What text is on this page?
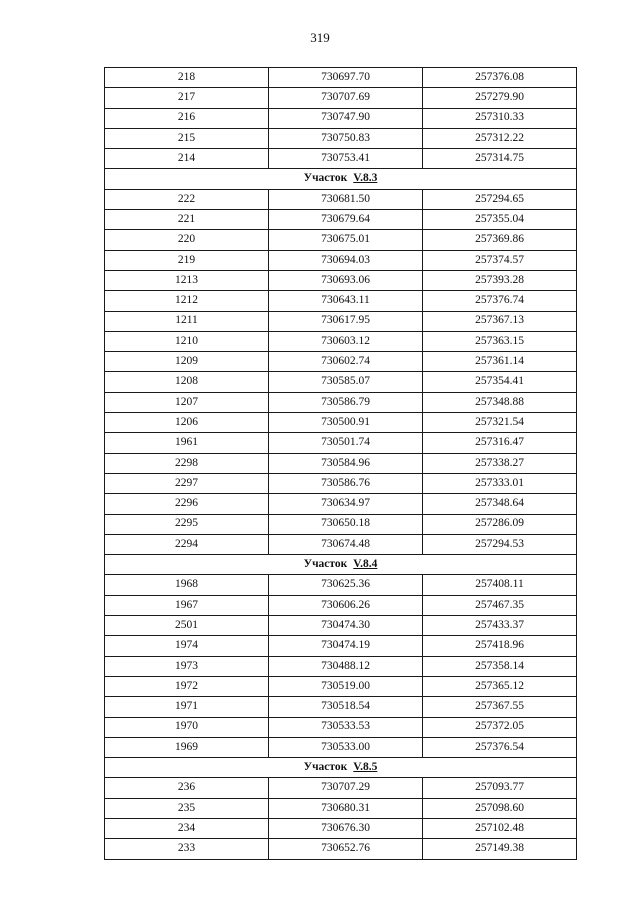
319
218	730697.70	257376.08
217	730707.69	257279.90
216	730747.90	257310.33
215	730750.83	257312.22
214	730753.41	257314.75
Участок V.8.3		
222	730681.50	257294.65
221	730679.64	257355.04
220	730675.01	257369.86
219	730694.03	257374.57
1213	730693.06	257393.28
1212	730643.11	257376.74
1211	730617.95	257367.13
1210	730603.12	257363.15
1209	730602.74	257361.14
1208	730585.07	257354.41
1207	730586.79	257348.88
1206	730500.91	257321.54
1961	730501.74	257316.47
2298	730584.96	257338.27
2297	730586.76	257333.01
2296	730634.97	257348.64
2295	730650.18	257286.09
2294	730674.48	257294.53
Участок V.8.4		
1968	730625.36	257408.11
1967	730606.26	257467.35
2501	730474.30	257433.37
1974	730474.19	257418.96
1973	730488.12	257358.14
1972	730519.00	257365.12
1971	730518.54	257367.55
1970	730533.53	257372.05
1969	730533.00	257376.54
Участок V.8.5		
236	730707.29	257093.77
235	730680.31	257098.60
234	730676.30	257102.48
233	730652.76	257149.38
